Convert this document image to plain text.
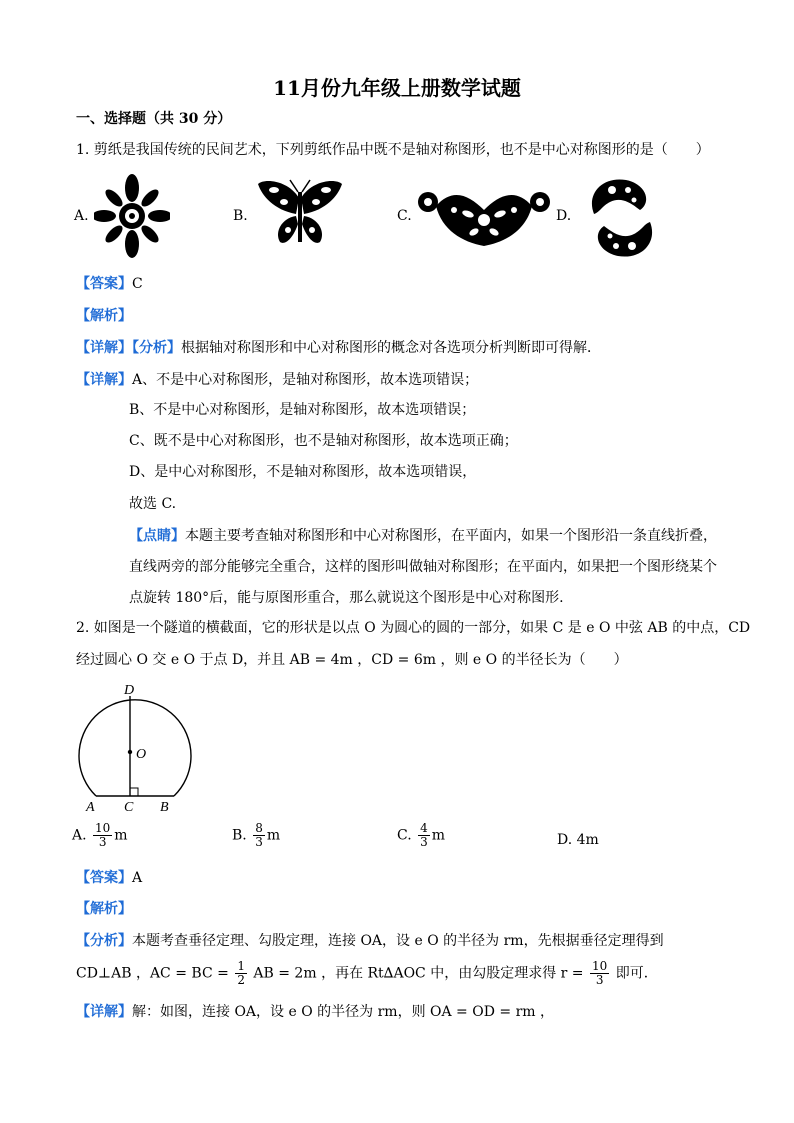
11月份九年级上册数学试题
一、选择题（共 30 分）
1. 剪纸是我国传统的民间艺术，下列剪纸作品中既不是轴对称图形，也不是中心对称图形的是（　　）
A.	B.	C.	D.
【答案】C
【解析】
【详解】【分析】根据轴对称图形和中心对称图形的概念对各选项分析判断即可得解．
【详解】A、不是中心对称图形，是轴对称图形，故本选项错误；
B、不是中心对称图形，是轴对称图形，故本选项错误；
C、既不是中心对称图形，也不是轴对称图形，故本选项正确；
D、是中心对称图形，不是轴对称图形，故本选项错误，
故选 C.
【点睛】本题主要考查轴对称图形和中心对称图形，在平面内，如果一个图形沿一条直线折叠，
直线两旁的部分能够完全重合，这样的图形叫做轴对称图形；在平面内，如果把一个图形绕某个
点旋转 180°后，能与原图形重合，那么就说这个图形是中心对称图形.
2. 如图是一个隧道的横截面，它的形状是以点 O 为圆心的圆的一部分，如果 C 是 e O 中弦 AB 的中点，CD
经过圆心 O 交 e O 于点 D，并且 AB = 4m ，CD = 6m ，则 e O 的半径长为（　　）
D
O
A C B
A. $\frac{10}{3}$ m	B. $\frac{8}{3}$ m	C. $\frac{4}{3}$ m	D. 4m
【答案】A
【解析】
【分析】本题考查垂径定理、勾股定理，连接 OA，设 e O 的半径为 rm，先根据垂径定理得到
CD⊥AB ，AC = BC = $\frac{1}{2}$ AB = 2m ，再在 Rt∆AOC 中，由勾股定理求得 $r = \frac{10}{3}$ 即可．
【详解】解：如图，连接 OA，设 e O 的半径为 rm，则 OA = OD = rm ，
